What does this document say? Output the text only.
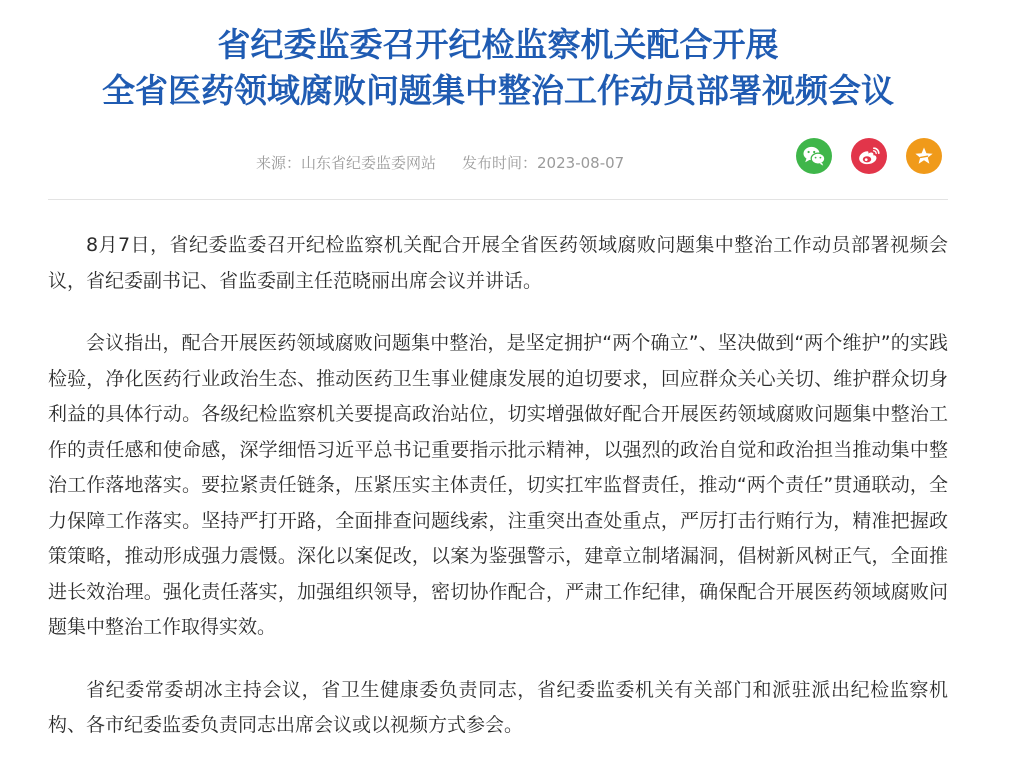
省纪委监委召开纪检监察机关配合开展
全省医药领域腐败问题集中整治工作动员部署视频会议
来源：山东省纪委监委网站 发布时间：2023-08-07

8月7日，省纪委监委召开纪检监察机关配合开展全省医药领域腐败问题集中整治工作动员部署视频会议，省纪委副书记、省监委副主任范晓丽出席会议并讲话。

会议指出，配合开展医药领域腐败问题集中整治，是坚定拥护“两个确立”、坚决做到“两个维护”的实践检验，净化医药行业政治生态、推动医药卫生事业健康发展的迫切要求，回应群众关心关切、维护群众切身利益的具体行动。各级纪检监察机关要提高政治站位，切实增强做好配合开展医药领域腐败问题集中整治工作的责任感和使命感，深学细悟习近平总书记重要指示批示精神，以强烈的政治自觉和政治担当推动集中整治工作落地落实。要拉紧责任链条，压紧压实主体责任，切实扛牢监督责任，推动“两个责任”贯通联动，全力保障工作落实。坚持严打开路，全面排查问题线索，注重突出查处重点，严厉打击行贿行为，精准把握政策策略，推动形成强力震慑。深化以案促改，以案为鉴强警示，建章立制堵漏洞，倡树新风树正气，全面推进长效治理。强化责任落实，加强组织领导，密切协作配合，严肃工作纪律，确保配合开展医药领域腐败问题集中整治工作取得实效。

省纪委常委胡冰主持会议，省卫生健康委负责同志，省纪委监委机关有关部门和派驻派出纪检监察机构、各市纪委监委负责同志出席会议或以视频方式参会。
